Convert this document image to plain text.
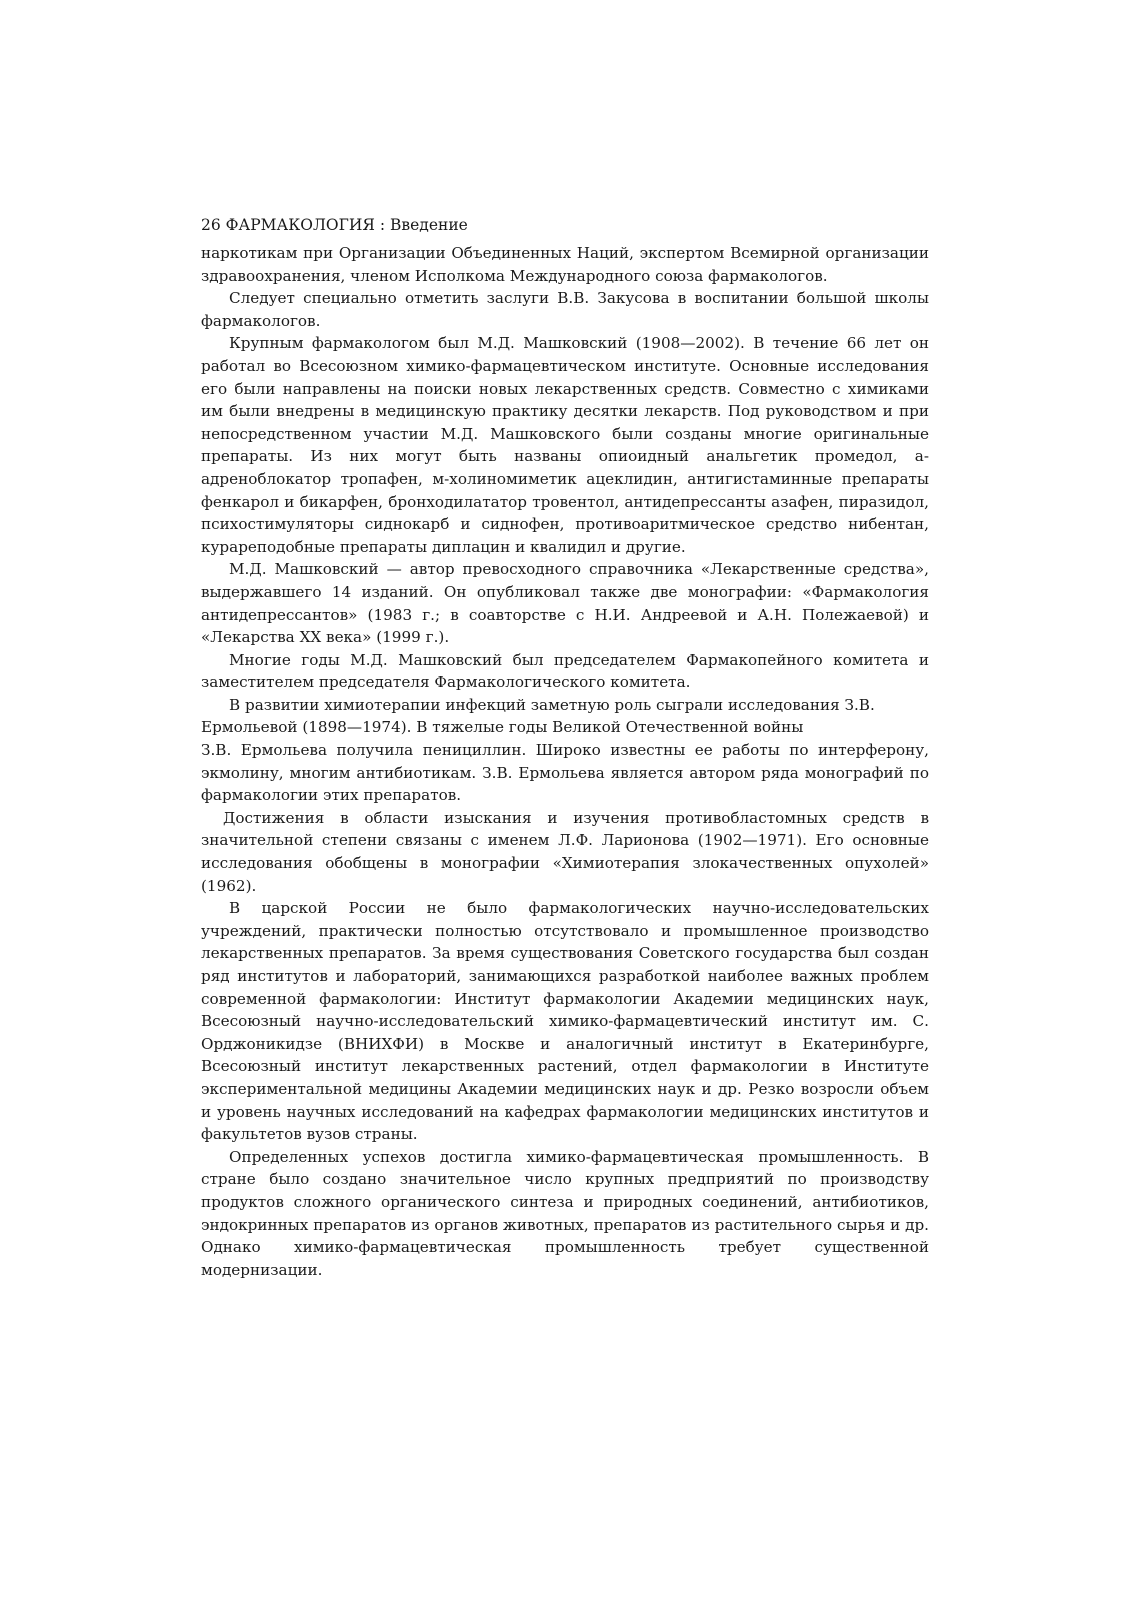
26 ФАРМАКОЛОГИЯ : Введение

наркотикам при Организации Объединенных Наций, экспертом Всемирной организации здравоохранения, членом Исполкома Международного союза фармакологов.

Следует специально отметить заслуги В.В. Закусова в воспитании большой школы фармакологов.

Крупным фармакологом был М.Д. Машковский (1908—2002). В течение 66 лет он работал во Всесоюзном химико-фармацевтическом институте. Основные исследования его были направлены на поиски новых лекарственных средств. Совместно с химиками им были внедрены в медицинскую практику десятки лекарств. Под руководством и при непосредственном участии М.Д. Машковского были созданы многие оригинальные препараты. Из них могут быть названы опиоидный анальгетик промедол, а-адреноблокатор тропафен, м-холиномиметик ацеклидин, антигистаминные препараты фенкарол и бикарфен, бронходилататор тровентол, антидепрессанты азафен, пиразидол, психостимуляторы сиднокарб и сиднофен, противоаритмическое средство нибентан, курареподобные препараты диплацин и квалидил и другие.

М.Д. Машковский — автор превосходного справочника «Лекарственные средства», выдержавшего 14 изданий. Он опубликовал также две монографии: «Фармакология антидепрессантов» (1983 г.; в соавторстве с Н.И. Андреевой и А.Н. Полежаевой) и «Лекарства XX века» (1999 г.).

Многие годы М.Д. Машковский был председателем Фармакопейного комитета и заместителем председателя Фармакологического комитета.

В развитии химиотерапии инфекций заметную роль сыграли исследования З.В. Ермольевой (1898—1974). В тяжелые годы Великой Отечественной войны

З.В. Ермольева получила пенициллин. Широко известны ее работы по интерферону, экмолину, многим антибиотикам. З.В. Ермольева является автором ряда монографий по фармакологии этих препаратов.

Достижения в области изыскания и изучения противобластомных средств в значительной степени связаны с именем Л.Ф. Ларионова (1902—1971). Его основные исследования обобщены в монографии «Химиотерапия злокачественных опухолей» (1962).

В царской России не было фармакологических научно-исследовательских учреждений, практически полностью отсутствовало и промышленное производство лекарственных препаратов. За время существования Советского государства был создан ряд институтов и лабораторий, занимающихся разработкой наиболее важных проблем современной фармакологии: Институт фармакологии Академии медицинских наук, Всесоюзный научно-исследовательский химико-фармацевтический институт им. С. Орджоникидзе (ВНИХФИ) в Москве и аналогичный институт в Екатеринбурге, Всесоюзный институт лекарственных растений, отдел фармакологии в Институте экспериментальной медицины Академии медицинских наук и др. Резко возросли объем и уровень научных исследований на кафедрах фармакологии медицинских институтов и факультетов вузов страны.

Определенных успехов достигла химико-фармацевтическая промышленность. В стране было создано значительное число крупных предприятий по производству продуктов сложного органического синтеза и природных соединений, антибиотиков, эндокринных препаратов из органов животных, препаратов из растительного сырья и др. Однако химико-фармацевтическая промышленность требует существенной модернизации.
